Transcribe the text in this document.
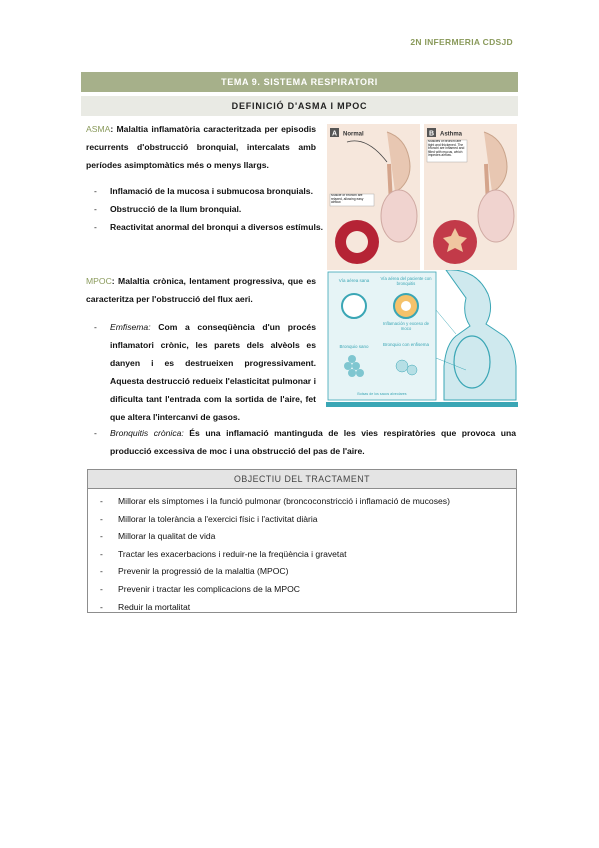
2N INFERMERIA CDSJD
TEMA 9. SISTEMA RESPIRATORI
DEFINICIÓ D'ASMA I MPOC
ASMA: Malaltia inflamatòria caracteritzada per episodis recurrents d'obstrucció bronquial, intercalats amb períodes asimptomàtics més o menys llargs.
- Inflamació de la mucosa i submucosa bronquials.
- Obstrucció de la llum bronquial.
- Reactivitat anormal del bronqui a diversos estímuls.
A Normal
Muscle of bronchi are relaxed, allowing easy airflow.
B Asthma
Muscles of bronchi are tight and thickened. The bronchi are inflamed and filled with mucus, which impedes airflow.
MPOC: Malaltia crònica, lentament progressiva, que es caracteritza per l'obstrucció del flux aeri.
Vía aérea sana	Vía aérea del paciente con bronquitis
Inflamación y exceso de moco
Bronquio sano	Bronquio con enfisema
Bolsas de los sacos alveolares
- Emfisema: Com a conseqüència d'un procés inflamatori crònic, les parets dels alvèols es danyen i es destrueixen progressivament. Aquesta destrucció redueix l'elasticitat pulmonar i dificulta tant l'entrada com la sortida de l'aire, fet que altera l'intercanvi de gasos.
- Bronquitis crònica: És una inflamació mantinguda de les vies respiratòries que provoca una producció excessiva de moc i una obstrucció del pas de l'aire.
OBJECTIU DEL TRACTAMENT
- Millorar els símptomes i la funció pulmonar (broncoconstricció i inflamació de mucoses)
- Millorar la tolerància a l'exercici físic i l'activitat diària
- Millorar la qualitat de vida
- Tractar les exacerbacions i reduir-ne la freqüència i gravetat
- Prevenir la progressió de la malaltia (MPOC)
- Prevenir i tractar les complicacions de la MPOC
- Reduir la mortalitat
